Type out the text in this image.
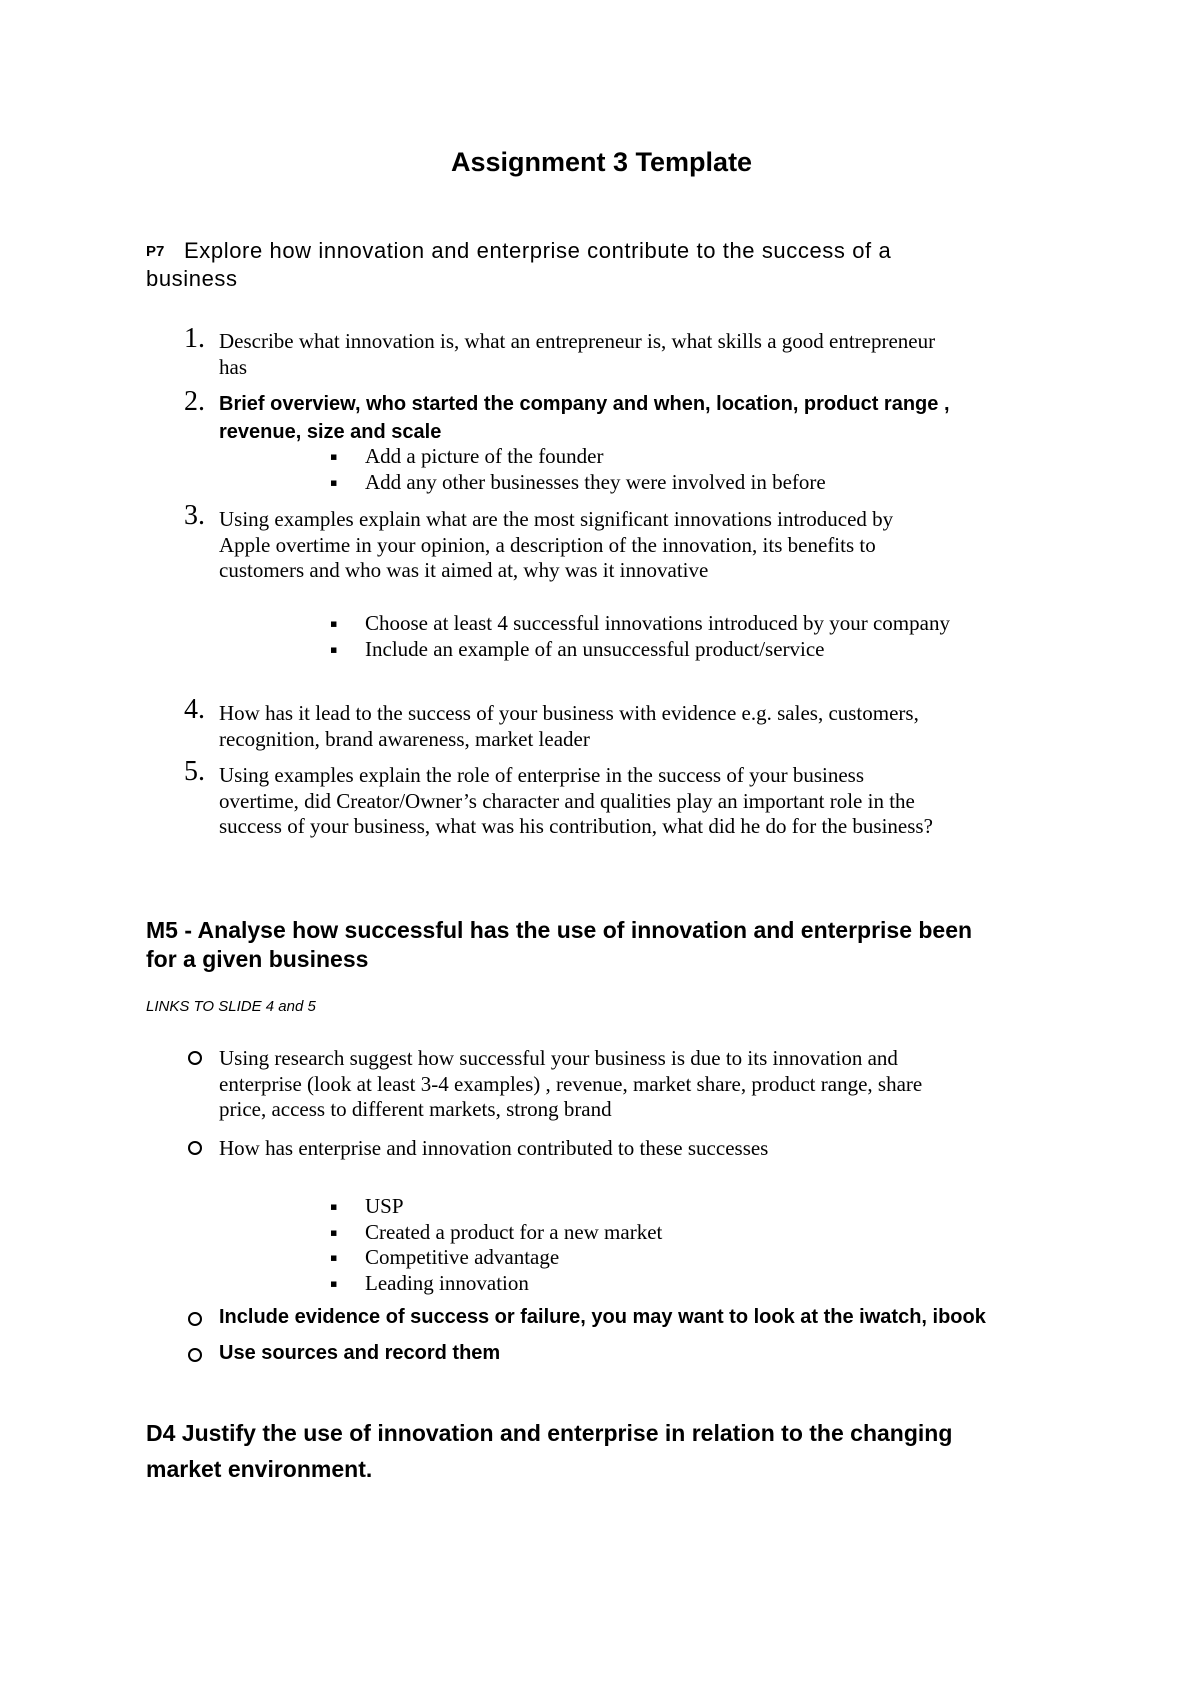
Assignment 3 Template
P7 Explore how innovation and enterprise contribute to the success of a
business
1. Describe what innovation is, what an entrepreneur is, what skills a good entrepreneur
has
2. Brief overview, who started the company and when, location, product range ,
revenue, size and scale
▪ Add a picture of the founder
▪ Add any other businesses they were involved in before
3. Using examples explain what are the most significant innovations introduced by
Apple overtime in your opinion, a description of the innovation, its benefits to
customers and who was it aimed at, why was it innovative
▪ Choose at least 4 successful innovations introduced by your company
▪ Include an example of an unsuccessful product/service
4. How has it lead to the success of your business with evidence e.g. sales, customers,
recognition, brand awareness, market leader
5. Using examples explain the role of enterprise in the success of your business
overtime, did Creator/Owner’s character and qualities play an important role in the
success of your business, what was his contribution, what did he do for the business?
M5 - Analyse how successful has the use of innovation and enterprise been
for a given business
LINKS TO SLIDE 4 and 5
Using research suggest how successful your business is due to its innovation and
enterprise (look at least 3-4 examples) , revenue, market share, product range, share
price, access to different markets, strong brand
How has enterprise and innovation contributed to these successes
▪ USP
▪ Created a product for a new market
▪ Competitive advantage
▪ Leading innovation
Include evidence of success or failure, you may want to look at the iwatch, ibook
Use sources and record them
D4 Justify the use of innovation and enterprise in relation to the changing
market environment.
